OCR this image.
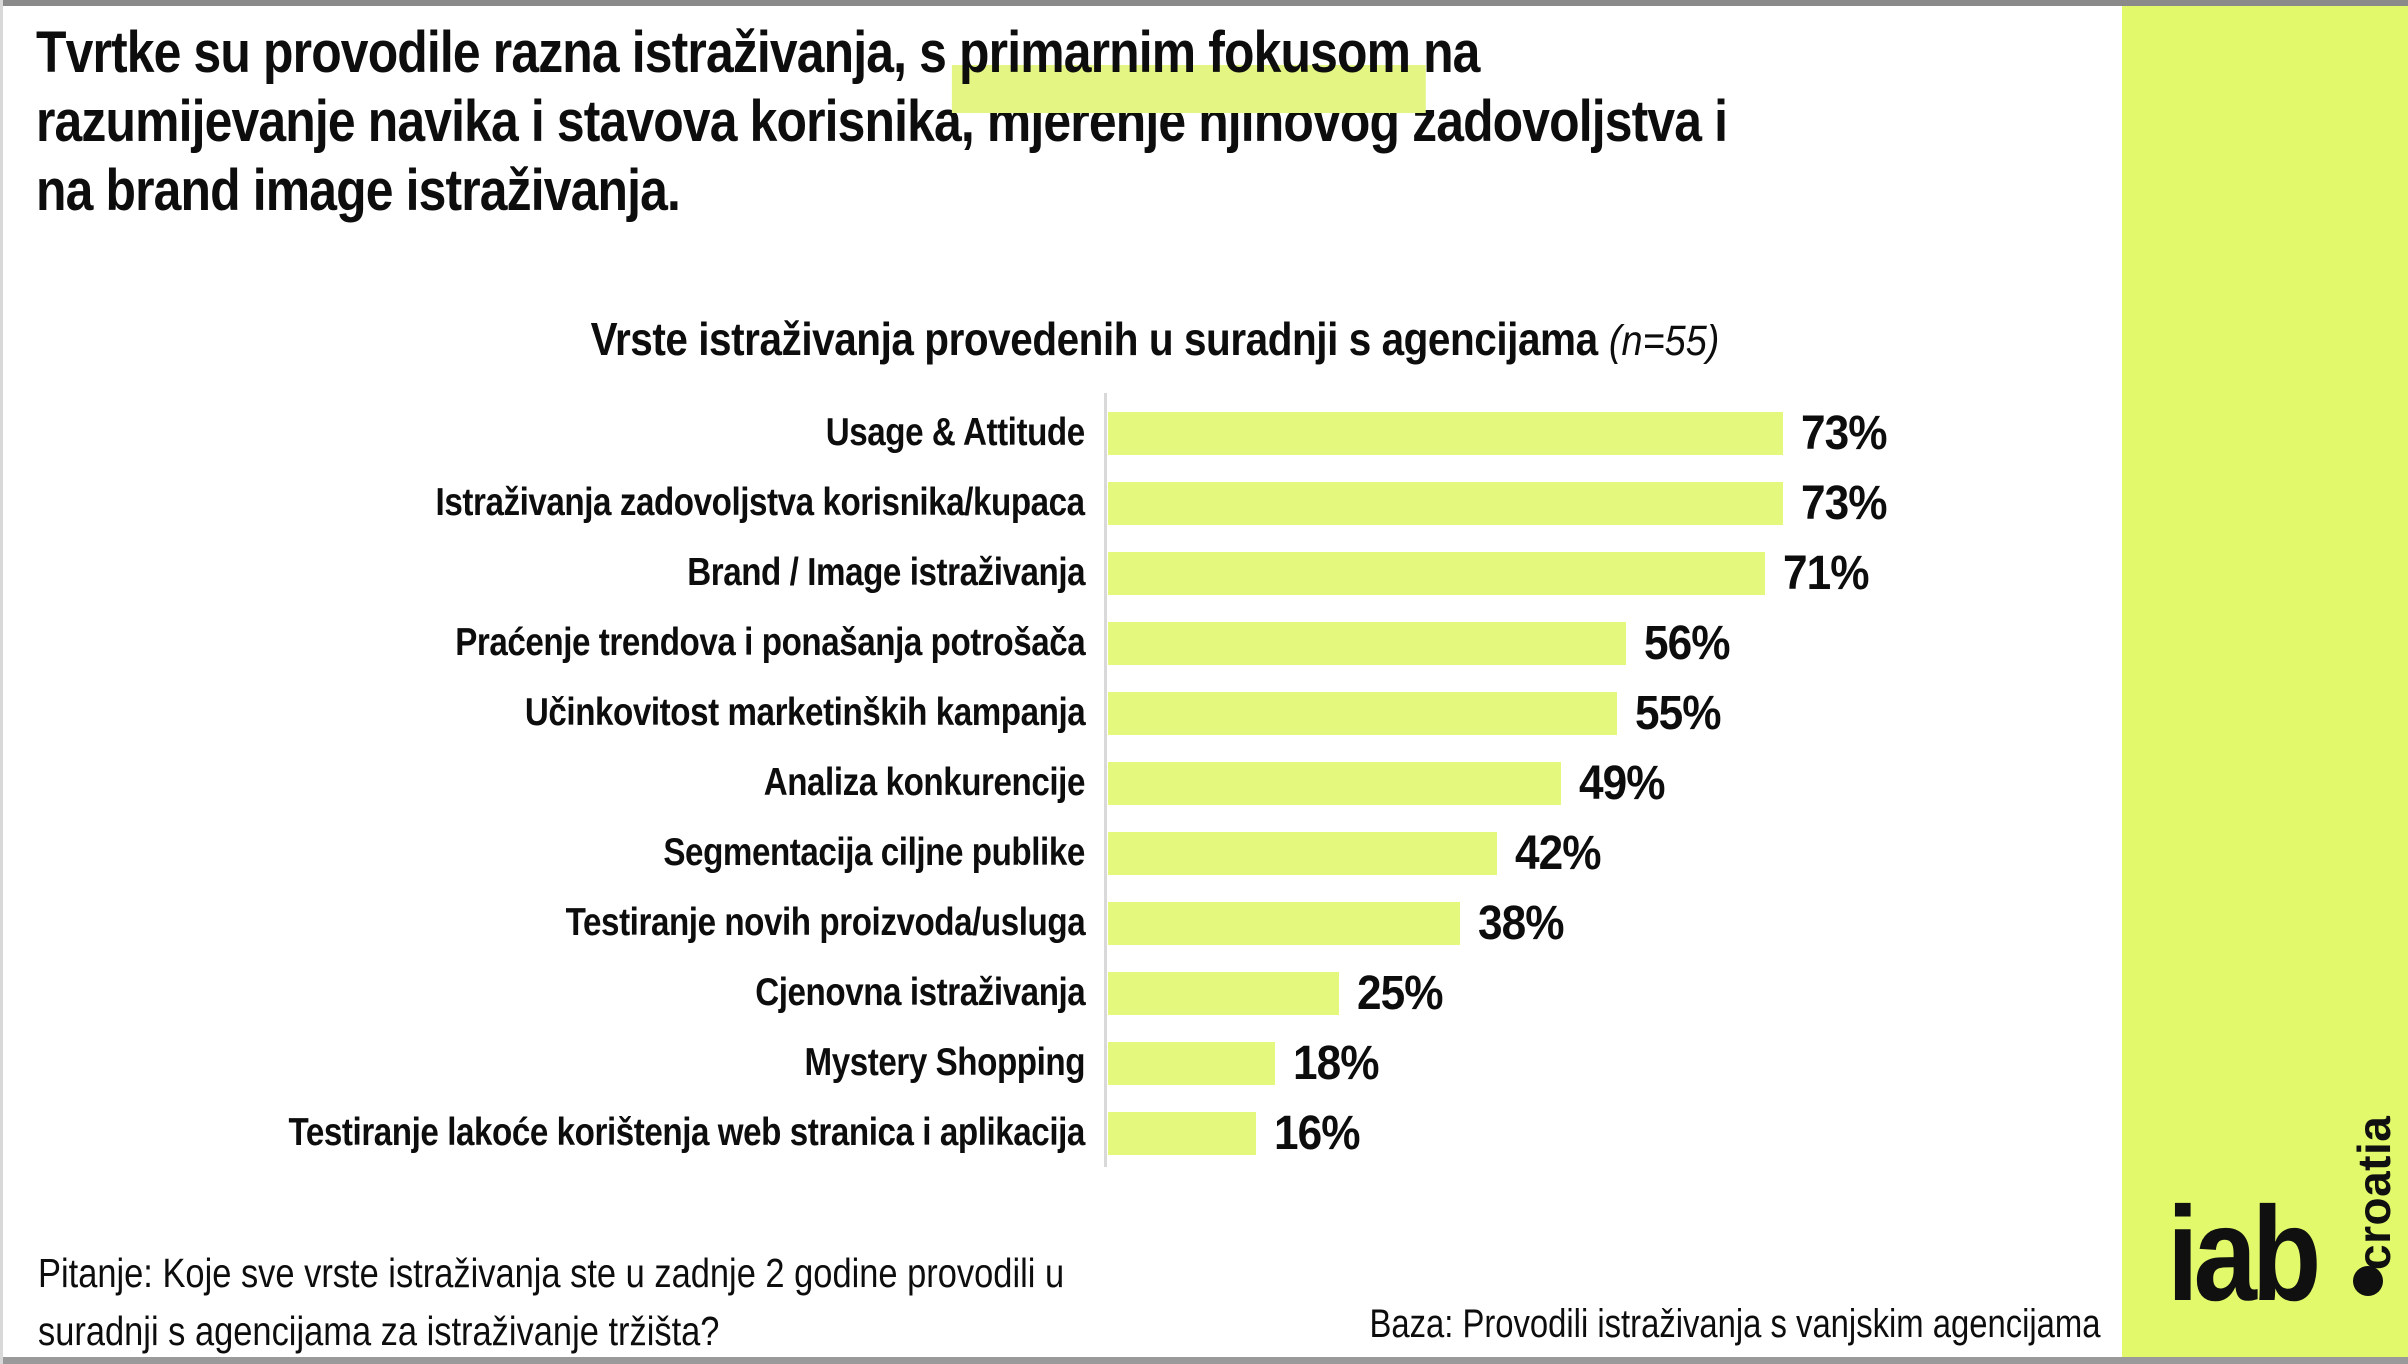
Tvrtke su provodile razna istraživanja, s primarnim fokusom na
razumijevanje navika i stavova korisnika, mjerenje njihovog zadovoljstva i
na brand image istraživanja.
Vrste istraživanja provedenih u suradnji s agencijama (n=55)
Usage & Attitude	73%
Istraživanja zadovoljstva korisnika/kupaca	73%
Brand / Image istraživanja	71%
Praćenje trendova i ponašanja potrošača	56%
Učinkovitost marketinških kampanja	55%
Analiza konkurencije	49%
Segmentacija ciljne publike	42%
Testiranje novih proizvoda/usluga	38%
Cjenovna istraživanja	25%
Mystery Shopping	18%
Testiranje lakoće korištenja web stranica i aplikacija	16%

Pitanje: Koje sve vrste istraživanja ste u zadnje 2 godine provodili u
suradnji s agencijama za istraživanje tržišta?	Baza: Provodili istraživanja s vanjskim agencijama iab croatia
